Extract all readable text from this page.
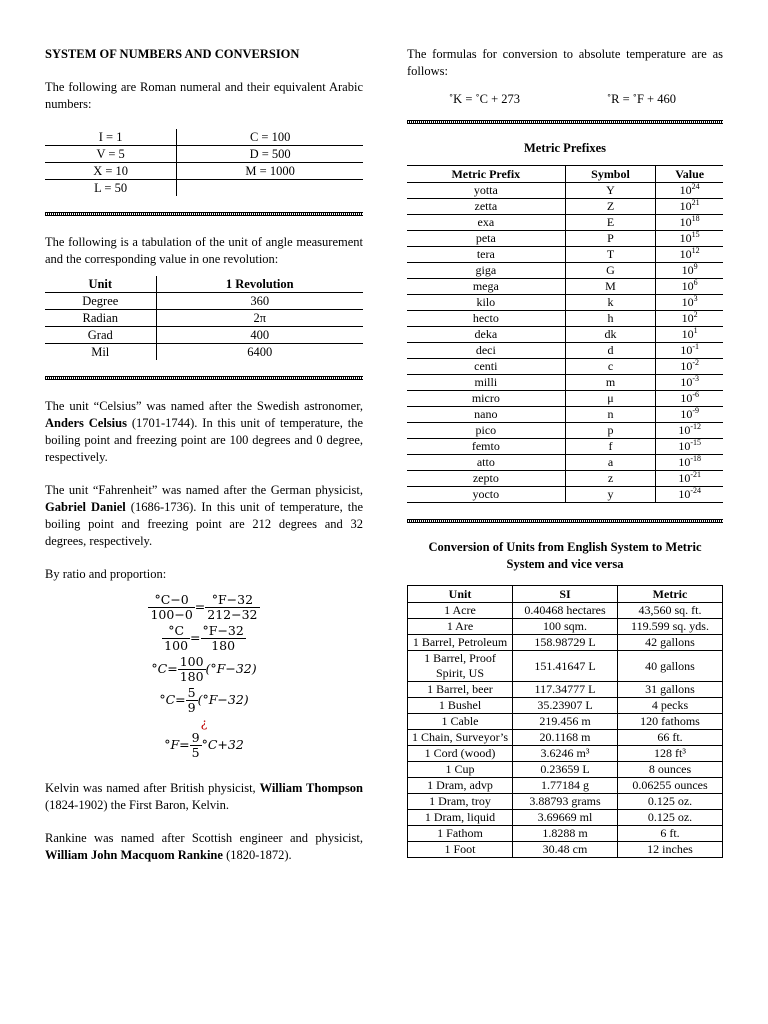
SYSTEM OF NUMBERS AND CONVERSION

The following are Roman numeral and their equivalent Arabic numbers:

I = 1	C = 100
V = 5	D = 500
X = 10	M = 1000
L = 50	

The following is a tabulation of the unit of angle measurement and the corresponding value in one revolution:

Unit	1 Revolution
Degree	360
Radian	2π
Grad	400
Mil	6400

The unit “Celsius” was named after the Swedish astronomer, Anders Celsius (1701-1744). In this unit of temperature, the boiling point and freezing point are 100 degrees and 0 degree, respectively.

The unit “Fahrenheit” was named after the German physicist, Gabriel Daniel (1686-1736). In this unit of temperature, the boiling point and freezing point are 212 degrees and 32 degrees, respectively.

By ratio and proportion:

$\frac{^\circ C-0}{100-0} = \frac{^\circ F-32}{212-32}$
$\frac{^\circ C}{100} = \frac{^\circ F-32}{180}$
$^\circ C= \frac{100}{180} (^\circ F-32)$
$^\circ C= \frac{5}{9} (^\circ F-32)$
¿
$^\circ F= \frac{9}{5} ^\circ C+32$

Kelvin was named after British physicist, William Thompson (1824-1902) the First Baron, Kelvin.

Rankine was named after Scottish engineer and physicist, William John Macquom Rankine (1820-1872).

The formulas for conversion to absolute temperature are as follows:

˚K = ˚C + 273	˚R = ˚F + 460

Metric Prefixes

Metric Prefix	Symbol	Value
yotta	Y	$10^{24}$
zetta	Z	$10^{21}$
exa	E	$10^{18}$
peta	P	$10^{15}$
tera	T	$10^{12}$
giga	G	$10^9$
mega	M	$10^6$
kilo	k	$10^3$
hecto	h	$10^2$
deka	dk	$10^1$
deci	d	$10^{-1}$
centi	c	$10^{-2}$
milli	m	$10^{-3}$
micro	μ	$10^{-6}$
nano	n	$10^{-9}$
pico	p	$10^{-12}$
femto	f	$10^{-15}$
atto	a	$10^{-18}$
zepto	z	$10^{-21}$
yocto	y	$10^{-24}$

Conversion of Units from English System to Metric System and vice versa

Unit	SI	Metric
1 Acre	0.40468 hectares	43,560 sq. ft.
1 Are	100 sqm.	119.599 sq. yds.
1 Barrel, Petroleum	158.98729 L	42 gallons
1 Barrel, Proof Spirit, US	151.41647 L	40 gallons
1 Barrel, beer	117.34777 L	31 gallons
1 Bushel	35.23907 L	4 pecks
1 Cable	219.456 m	120 fathoms
1 Chain, Surveyor’s	20.1168 m	66 ft.
1 Cord (wood)	3.6246 m³	128 ft³
1 Cup	0.23659 L	8 ounces
1 Dram, advp	1.77184 g	0.06255 ounces
1 Dram, troy	3.88793 grams	0.125 oz.
1 Dram, liquid	3.69669 ml	0.125 oz.
1 Fathom	1.8288 m	6 ft.
1 Foot	30.48 cm	12 inches
